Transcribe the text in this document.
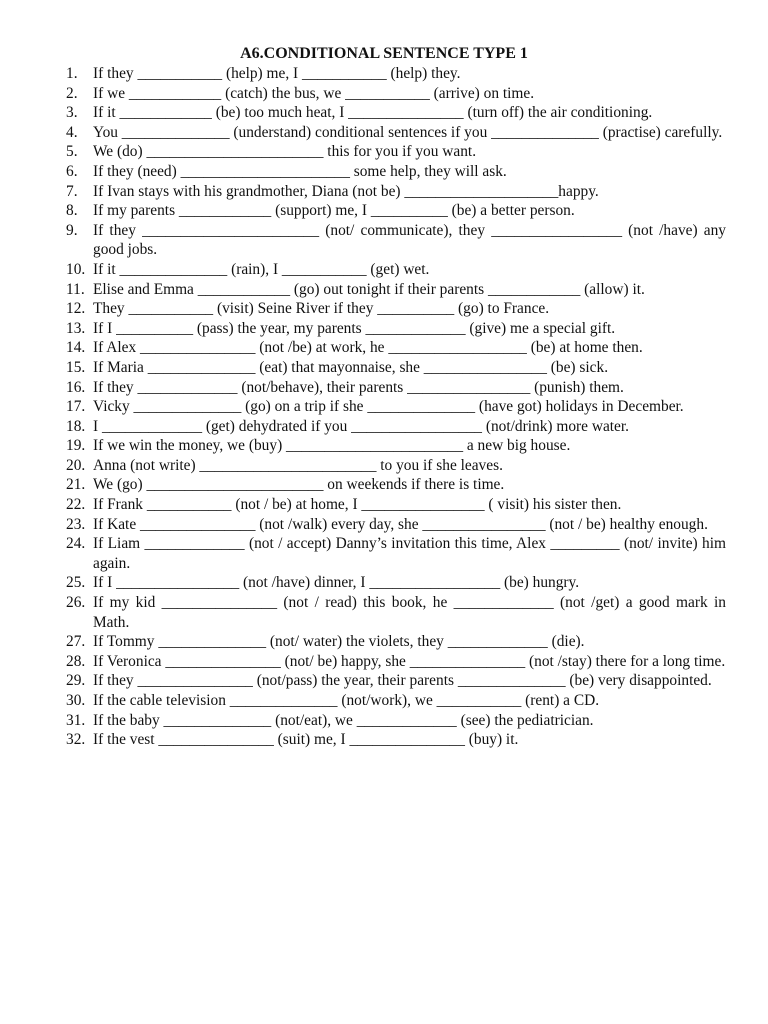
A6.CONDITIONAL SENTENCE TYPE 1
1. If they ___________ (help) me, I ___________ (help) they.
2. If we ____________ (catch) the bus, we ___________ (arrive) on time.
3. If it ____________ (be) too much heat, I _______________ (turn off) the air conditioning.
4. You ______________ (understand) conditional sentences if you ______________ (practise) carefully.
5. We (do) _______________________ this for you if you want.
6. If they (need) ______________________ some help, they will ask.
7. If Ivan stays with his grandmother, Diana (not be) ____________________happy.
8. If my parents ____________ (support) me, I __________ (be) a better person.
9. If they _______________________ (not/ communicate), they _________________ (not /have) any good jobs.
10. If it ______________ (rain), I ___________ (get) wet.
11. Elise and Emma ____________ (go) out tonight if their parents ____________ (allow) it.
12. They ___________ (visit) Seine River if they __________ (go) to France.
13. If I __________ (pass) the year, my parents _____________ (give) me a special gift.
14. If Alex _______________ (not /be) at work, he __________________ (be) at home then.
15. If Maria ______________ (eat) that mayonnaise, she ________________ (be) sick.
16. If they _____________ (not/behave), their parents ________________ (punish) them.
17. Vicky ______________ (go) on a trip if she ______________ (have got) holidays in December.
18. I _____________ (get) dehydrated if you _________________ (not/drink) more water.
19. If we win the money, we (buy) _______________________ a new big house.
20. Anna (not write) _______________________ to you if she leaves.
21. We (go) _______________________ on weekends if there is time.
22. If Frank ___________ (not / be) at home, I ________________ ( visit) his sister then.
23. If Kate _______________ (not /walk) every day, she ________________ (not / be) healthy enough.
24. If Liam _____________ (not / accept) Danny’s invitation this time, Alex _________ (not/ invite) him again.
25. If I ________________ (not /have) dinner, I _________________ (be) hungry.
26. If my kid _______________ (not / read) this book, he _____________ (not /get) a good mark in Math.
27. If Tommy ______________ (not/ water) the violets, they _____________ (die).
28. If Veronica _______________ (not/ be) happy, she _______________ (not /stay) there for a long time.
29. If they _______________ (not/pass) the year, their parents ______________ (be) very disappointed.
30. If the cable television ______________ (not/work), we ___________ (rent) a CD.
31. If the baby ______________ (not/eat), we _____________ (see) the pediatrician.
32. If the vest _______________ (suit) me, I _______________ (buy) it.
